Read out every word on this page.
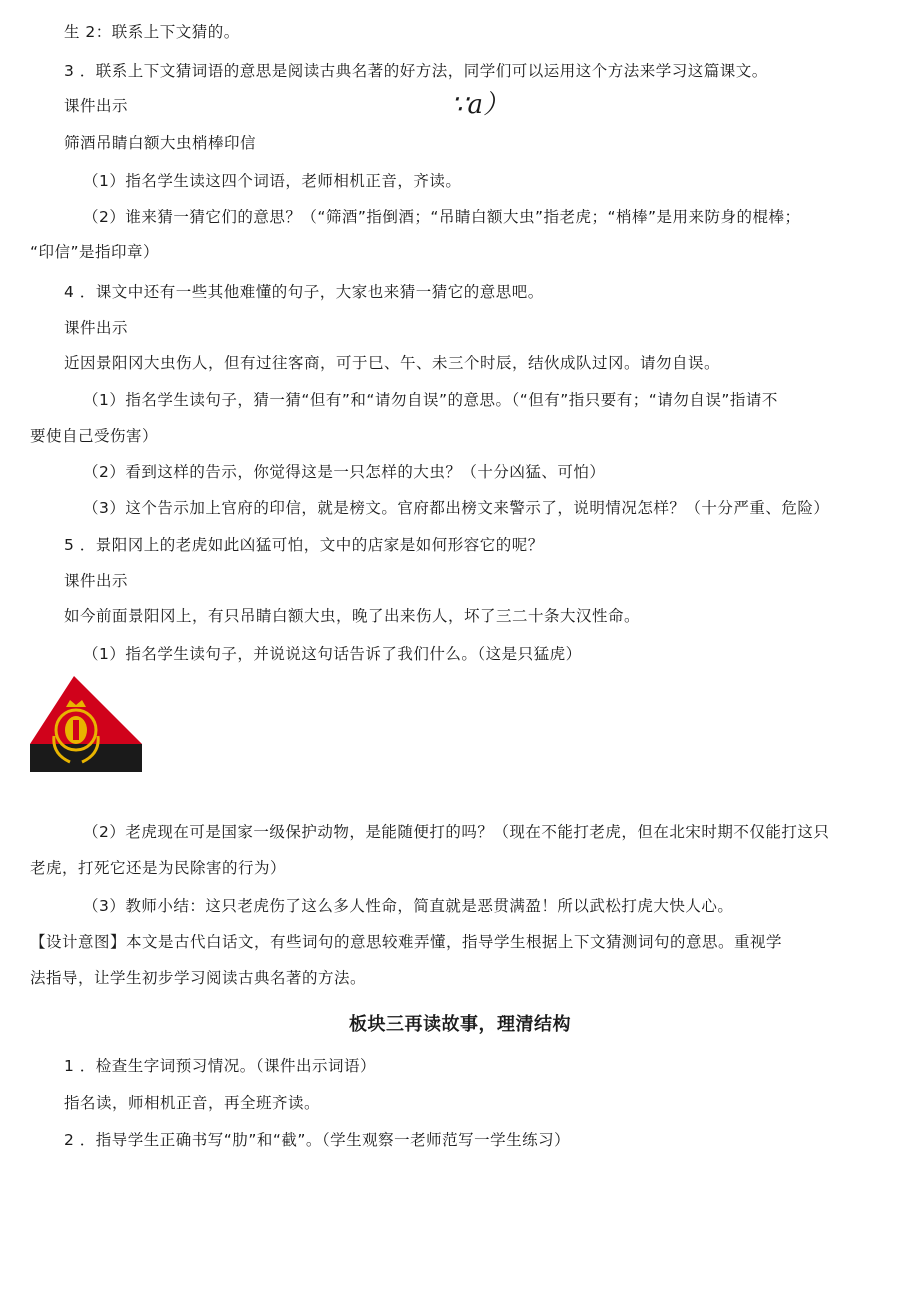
生 2：联系上下文猜的。
3 ．联系上下文猜词语的意思是阅读古典名著的好方法，同学们可以运用这个方法来学习这篇课文。
课件出示	∵a）
筛酒吊睛白额大虫梢棒印信
（1）指名学生读这四个词语，老师相机正音，齐读。
（2）谁来猜一猜它们的意思？（“筛酒”指倒酒；“吊睛白额大虫”指老虎；“梢棒”是用来防身的棍棒；
“印信”是指印章）
4 ．课文中还有一些其他难懂的句子，大家也来猜一猜它的意思吧。
课件出示
近因景阳冈大虫伤人，但有过往客商，可于巳、午、未三个时辰，结伙成队过冈。请勿自误。
（1）指名学生读句子，猜一猜“但有”和“请勿自误”的意思。（“但有”指只要有；“请勿自误”指请不
要使自己受伤害）
（2）看到这样的告示，你觉得这是一只怎样的大虫？（十分凶猛、可怕）
（3）这个告示加上官府的印信，就是榜文。官府都出榜文来警示了，说明情况怎样？（十分严重、危险）
5 ．景阳冈上的老虎如此凶猛可怕，文中的店家是如何形容它的呢？
课件出示
如今前面景阳冈上，有只吊睛白额大虫，晚了出来伤人，坏了三二十条大汉性命。
（1）指名学生读句子，并说说这句话告诉了我们什么。（这是只猛虎）
（2）老虎现在可是国家一级保护动物，是能随便打的吗？（现在不能打老虎，但在北宋时期不仅能打这只
老虎，打死它还是为民除害的行为）
（3）教师小结：这只老虎伤了这么多人性命，简直就是恶贯满盈！所以武松打虎大快人心。
【设计意图】本文是古代白话文，有些词句的意思较难弄懂，指导学生根据上下文猜测词句的意思。重视学
法指导，让学生初步学习阅读古典名著的方法。
板块三再读故事，理清结构
1 ．检查生字词预习情况。（课件出示词语）
指名读，师相机正音，再全班齐读。
2 ．指导学生正确书写“肋”和“截”。（学生观察一老师范写一学生练习）
